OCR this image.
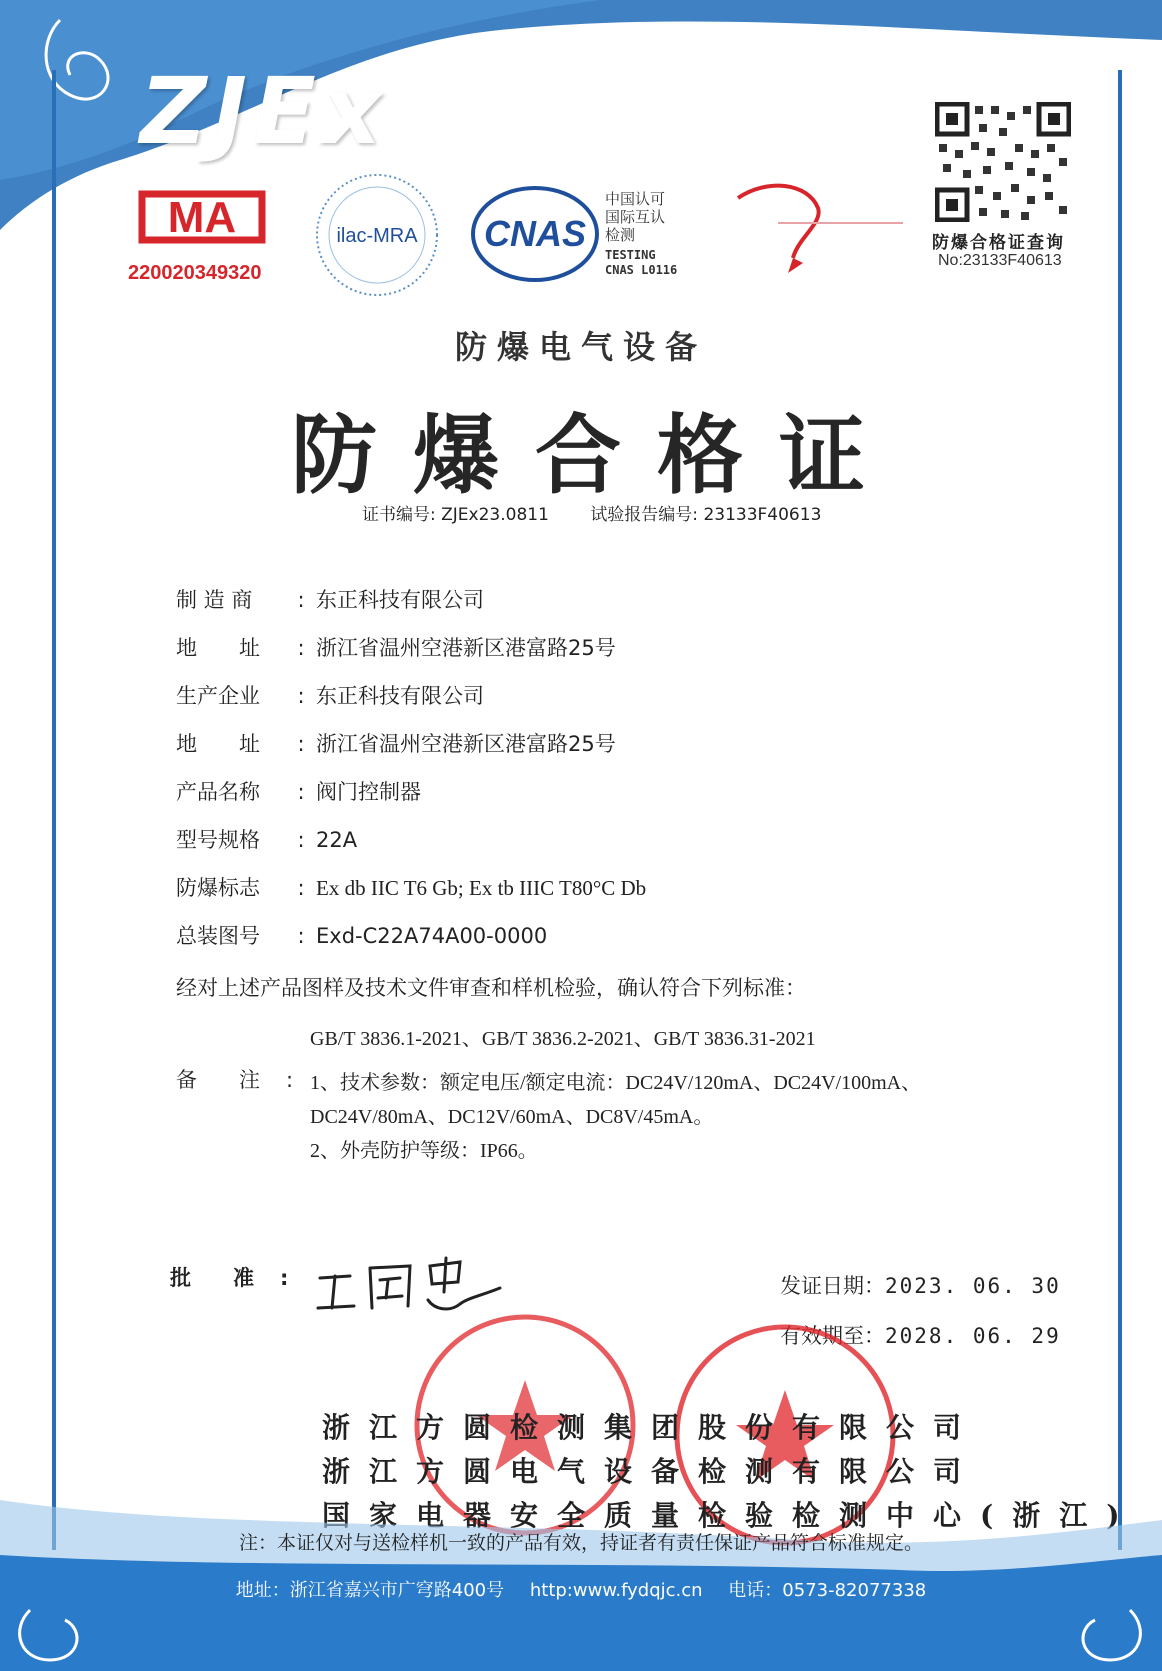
ZJEx
MA
220020349320
ilac-MRA CNAS
中国认可
国际互认
检测
TESTING
CNAS L0116
防爆合格证查询
No:23133F40613
防爆电气设备
防爆合格证
证书编号: ZJEx23.0811 试验报告编号: 23133F40613
制 造 商 : 东正科技有限公司
地　　址 : 浙江省温州空港新区港富路25号
生产企业 : 东正科技有限公司
地　　址 : 浙江省温州空港新区港富路25号
产品名称 : 阀门控制器
型号规格 : 22A
防爆标志 : Ex db IIC T6 Gb; Ex tb IIIC T80°C Db
总装图号 : Exd-C22A74A00-0000
经对上述产品图样及技术文件审查和样机检验，确认符合下列标准：
GB/T 3836.1-2021、GB/T 3836.2-2021、GB/T 3836.31-2021
备　　注 : 1、技术参数：额定电压/额定电流：DC24V/120mA、DC24V/100mA、
DC24V/80mA、DC12V/60mA、DC8V/45mA。
2、外壳防护等级：IP66。
批　　准 :	发证日期：2023. 06. 30
有效期至：2028. 06. 29
浙江方圆检测集团股份有限公司
浙江方圆电气设备检测有限公司
国家电器安全质量检验检测中心(浙江)
注：本证仅对与送检样机一致的产品有效，持证者有责任保证产品符合标准规定。
地址：浙江省嘉兴市广穹路400号 http:www.fydqjc.cn 电话：0573-82077338
